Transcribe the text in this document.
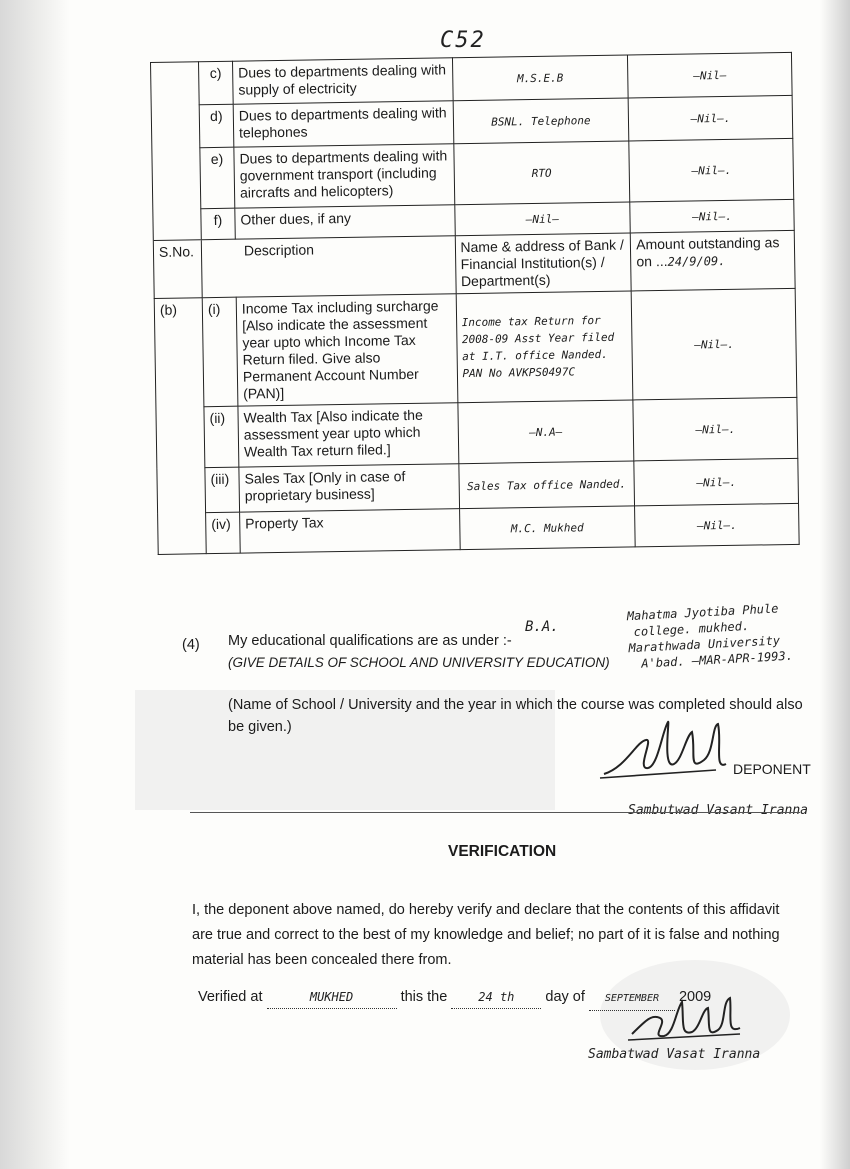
C52
	c)	Dues to departments dealing with supply of electricity	M.S.E.B	—Nil—
	d)	Dues to departments dealing with telephones	BSNL. Telephone	—Nil—.
	e)	Dues to departments dealing with government transport (including aircrafts and helicopters)	RTO	—Nil—.
	f)	Other dues, if any	—Nil—	—Nil—.
S.No.	Description		Name & address of Bank / Financial Institution(s) / Department(s)	Amount outstanding as on ...24/9/09.
(b)	(i)	Income Tax including surcharge [Also indicate the assessment year upto which Income Tax Return filed. Give also Permanent Account Number (PAN)]	Income tax Return for 2008-09 Asst Year filed at I.T. office Nanded. PAN No AVKPS0497C	—Nil—.
	(ii)	Wealth Tax [Also indicate the assessment year upto which Wealth Tax return filed.]	—N.A—	—Nil—.
	(iii)	Sales Tax [Only in case of proprietary business]	Sales Tax office Nanded.	—Nil—.
	(iv)	Property Tax	M.C. Mukhed	—Nil—.
(4) My educational qualifications are as under :-
(GIVE DETAILS OF SCHOOL AND UNIVERSITY EDUCATION)
(Name of School / University and the year in which the course was completed should also be given.)
B.A.
Mahatma Jyotiba Phule
college. mukhed.
Marathwada University
A'bad. —MAR-APR-1993.
DEPONENT
Sambutwad Vasant Iranna
VERIFICATION
I, the deponent above named, do hereby verify and declare that the contents of this affidavit are true and correct to the best of my knowledge and belief; no part of it is false and nothing material has been concealed there from.
Verified at	MUKHED	this the	24 th day of SEPTEMBER 2009
Sambatwad Vasat Iranna
